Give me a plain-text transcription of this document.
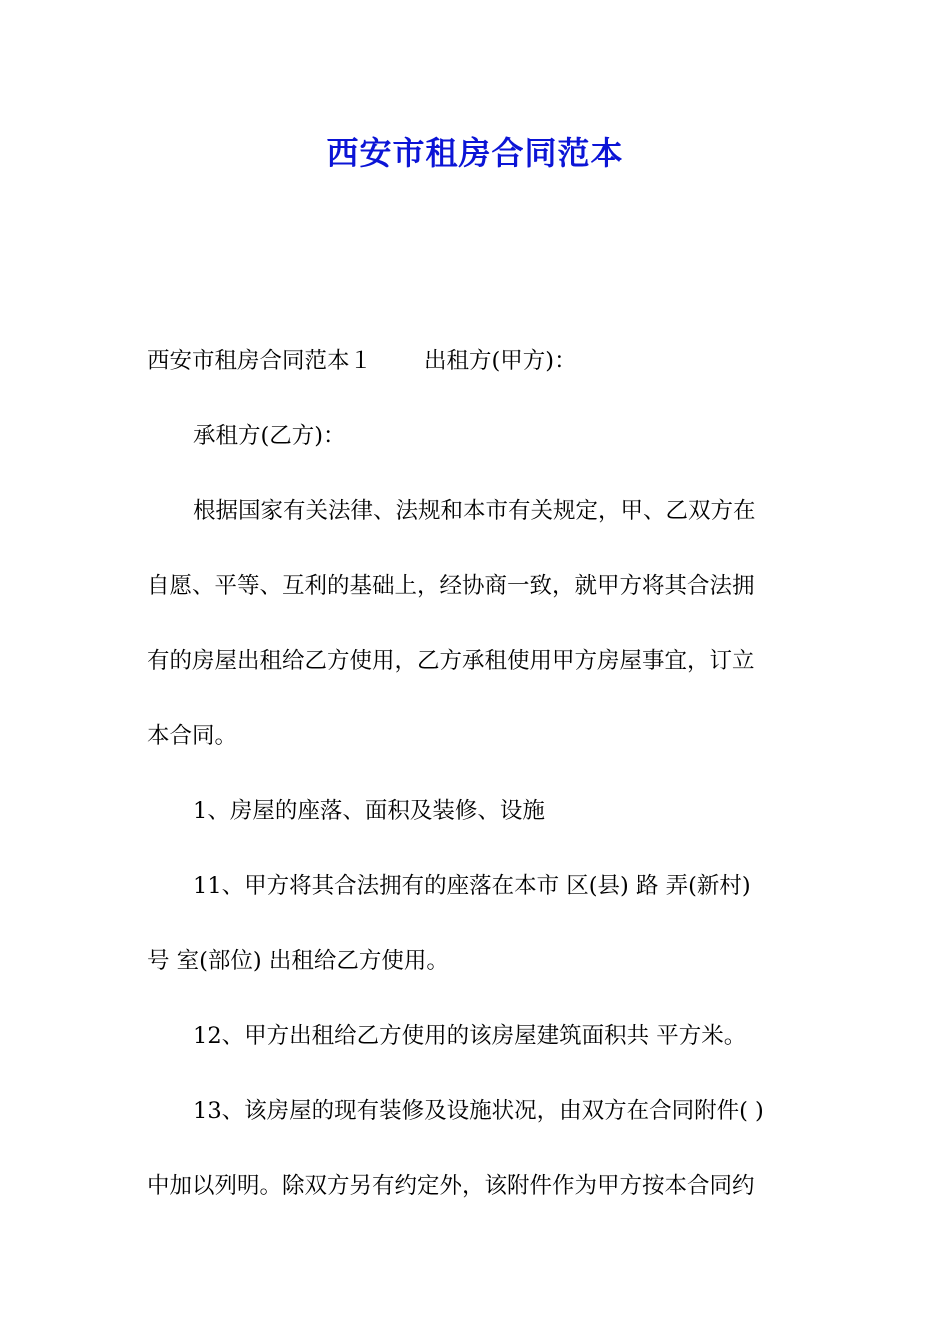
西安市租房合同范本
西安市租房合同范本１ 出租方(甲方)：
承租方(乙方)：
根据国家有关法律、法规和本市有关规定，甲、乙双方在
自愿、平等、互利的基础上，经协商一致，就甲方将其合法拥
有的房屋出租给乙方使用，乙方承租使用甲方房屋事宜，订立
本合同。
1、房屋的座落、面积及装修、设施
11、甲方将其合法拥有的座落在本市 区(县) 路 弄(新村)
号 室(部位) 出租给乙方使用。
12、甲方出租给乙方使用的该房屋建筑面积共 平方米。
13、该房屋的现有装修及设施状况，由双方在合同附件( )
中加以列明。除双方另有约定外，该附件作为甲方按本合同约
